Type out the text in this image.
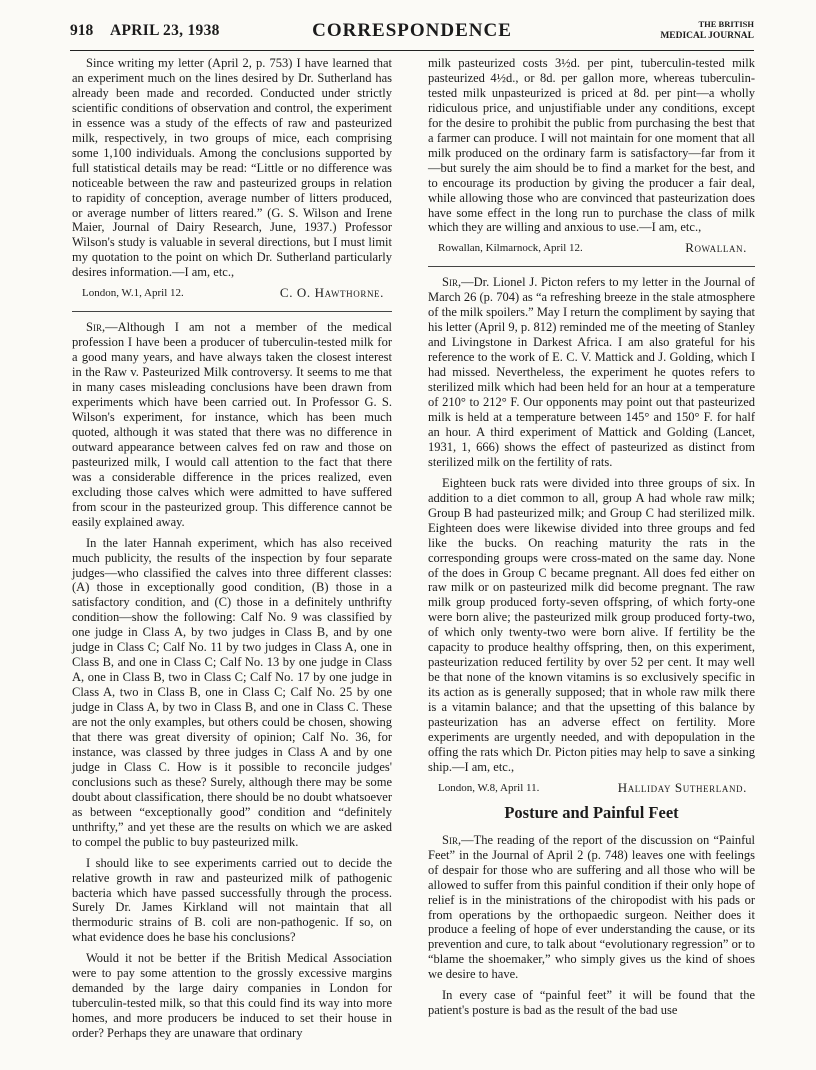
918 APRIL 23, 1938	CORRESPONDENCE	THE BRITISH
MEDICAL JOURNAL

Since writing my letter (April 2, p. 753) I have learned that an experiment much on the lines desired by Dr. Sutherland has already been made and recorded. Conducted under strictly scientific conditions of observation and control, the experiment in essence was a study of the effects of raw and pasteurized milk, respectively, in two groups of mice, each comprising some 1,100 individuals. Among the conclusions supported by full statistical details may be read: “Little or no difference was noticeable between the raw and pasteurized groups in relation to rapidity of conception, average number of litters produced, or average number of litters reared.” (G. S. Wilson and Irene Maier, Journal of Dairy Research, June, 1937.) Professor Wilson's study is valuable in several directions, but I must limit my quotation to the point on which Dr. Sutherland particularly desires information.—I am, etc.,

London, W.1, April 12.	C. O. Hawthorne.

Sir,—Although I am not a member of the medical profession I have been a producer of tuberculin-tested milk for a good many years, and have always taken the closest interest in the Raw v. Pasteurized Milk controversy. It seems to me that in many cases misleading conclusions have been drawn from experiments which have been carried out. In Professor G. S. Wilson's experiment, for instance, which has been much quoted, although it was stated that there was no difference in outward appearance between calves fed on raw and those on pasteurized milk, I would call attention to the fact that there was a considerable difference in the prices realized, even excluding those calves which were admitted to have suffered from scour in the pasteurized group. This difference cannot be easily explained away.

In the later Hannah experiment, which has also received much publicity, the results of the inspection by four separate judges—who classified the calves into three different classes: (A) those in exceptionally good condition, (B) those in a satisfactory condition, and (C) those in a definitely unthrifty condition—show the following: Calf No. 9 was classified by one judge in Class A, by two judges in Class B, and by one judge in Class C; Calf No. 11 by two judges in Class A, one in Class B, and one in Class C; Calf No. 13 by one judge in Class A, one in Class B, two in Class C; Calf No. 17 by one judge in Class A, two in Class B, one in Class C; Calf No. 25 by one judge in Class A, by two in Class B, and one in Class C. These are not the only examples, but others could be chosen, showing that there was great diversity of opinion; Calf No. 36, for instance, was classed by three judges in Class A and by one judge in Class C. How is it possible to reconcile judges' conclusions such as these? Surely, although there may be some doubt about classification, there should be no doubt whatsoever as between “exceptionally good” condition and “definitely unthrifty,” and yet these are the results on which we are asked to compel the public to buy pasteurized milk.

I should like to see experiments carried out to decide the relative growth in raw and pasteurized milk of pathogenic bacteria which have passed successfully through the process. Surely Dr. James Kirkland will not maintain that all thermoduric strains of B. coli are non-pathogenic. If so, on what evidence does he base his conclusions?

Would it not be better if the British Medical Association were to pay some attention to the grossly excessive margins demanded by the large dairy companies in London for tuberculin-tested milk, so that this could find its way into more homes, and more producers be induced to set their house in order? Perhaps they are unaware that ordinary

milk pasteurized costs 3½d. per pint, tuberculin-tested milk pasteurized 4½d., or 8d. per gallon more, whereas tuberculin-tested milk unpasteurized is priced at 8d. per pint—a wholly ridiculous price, and unjustifiable under any conditions, except for the desire to prohibit the public from purchasing the best that a farmer can produce. I will not maintain for one moment that all milk produced on the ordinary farm is satisfactory—far from it—but surely the aim should be to find a market for the best, and to encourage its production by giving the producer a fair deal, while allowing those who are convinced that pasteurization does have some effect in the long run to purchase the class of milk which they are willing and anxious to use.—I am, etc.,

Rowallan, Kilmarnock, April 12.	Rowallan.

Sir,—Dr. Lionel J. Picton refers to my letter in the Journal of March 26 (p. 704) as “a refreshing breeze in the stale atmosphere of the milk spoilers.” May I return the compliment by saying that his letter (April 9, p. 812) reminded me of the meeting of Stanley and Livingstone in Darkest Africa. I am also grateful for his reference to the work of E. C. V. Mattick and J. Golding, which I had missed. Nevertheless, the experiment he quotes refers to sterilized milk which had been held for an hour at a temperature of 210° to 212° F. Our opponents may point out that pasteurized milk is held at a temperature between 145° and 150° F. for half an hour. A third experiment of Mattick and Golding (Lancet, 1931, 1, 666) shows the effect of pasteurized as distinct from sterilized milk on the fertility of rats.

Eighteen buck rats were divided into three groups of six. In addition to a diet common to all, group A had whole raw milk; Group B had pasteurized milk; and Group C had sterilized milk. Eighteen does were likewise divided into three groups and fed like the bucks. On reaching maturity the rats in the corresponding groups were cross-mated on the same day. None of the does in Group C became pregnant. All does fed either on raw milk or on pasteurized milk did become pregnant. The raw milk group produced forty-seven offspring, of which forty-one were born alive; the pasteurized milk group produced forty-two, of which only twenty-two were born alive. If fertility be the capacity to produce healthy offspring, then, on this experiment, pasteurization reduced fertility by over 52 per cent. It may well be that none of the known vitamins is so exclusively specific in its action as is generally supposed; that in whole raw milk there is a vitamin balance; and that the upsetting of this balance by pasteurization has an adverse effect on fertility. More experiments are urgently needed, and with depopulation in the offing the rats which Dr. Picton pities may help to save a sinking ship.—I am, etc.,

London, W.8, April 11.	Halliday Sutherland.
Posture and Painful Feet

Sir,—The reading of the report of the discussion on “Painful Feet” in the Journal of April 2 (p. 748) leaves one with feelings of despair for those who are suffering and all those who will be allowed to suffer from this painful condition if their only hope of relief is in the ministrations of the chiropodist with his pads or from operations by the orthopaedic surgeon. Neither does it produce a feeling of hope of ever understanding the cause, or its prevention and cure, to talk about “evolutionary regression” or to “blame the shoemaker,” who simply gives us the kind of shoes we desire to have.

In every case of “painful feet” it will be found that the patient's posture is bad as the result of the bad use
